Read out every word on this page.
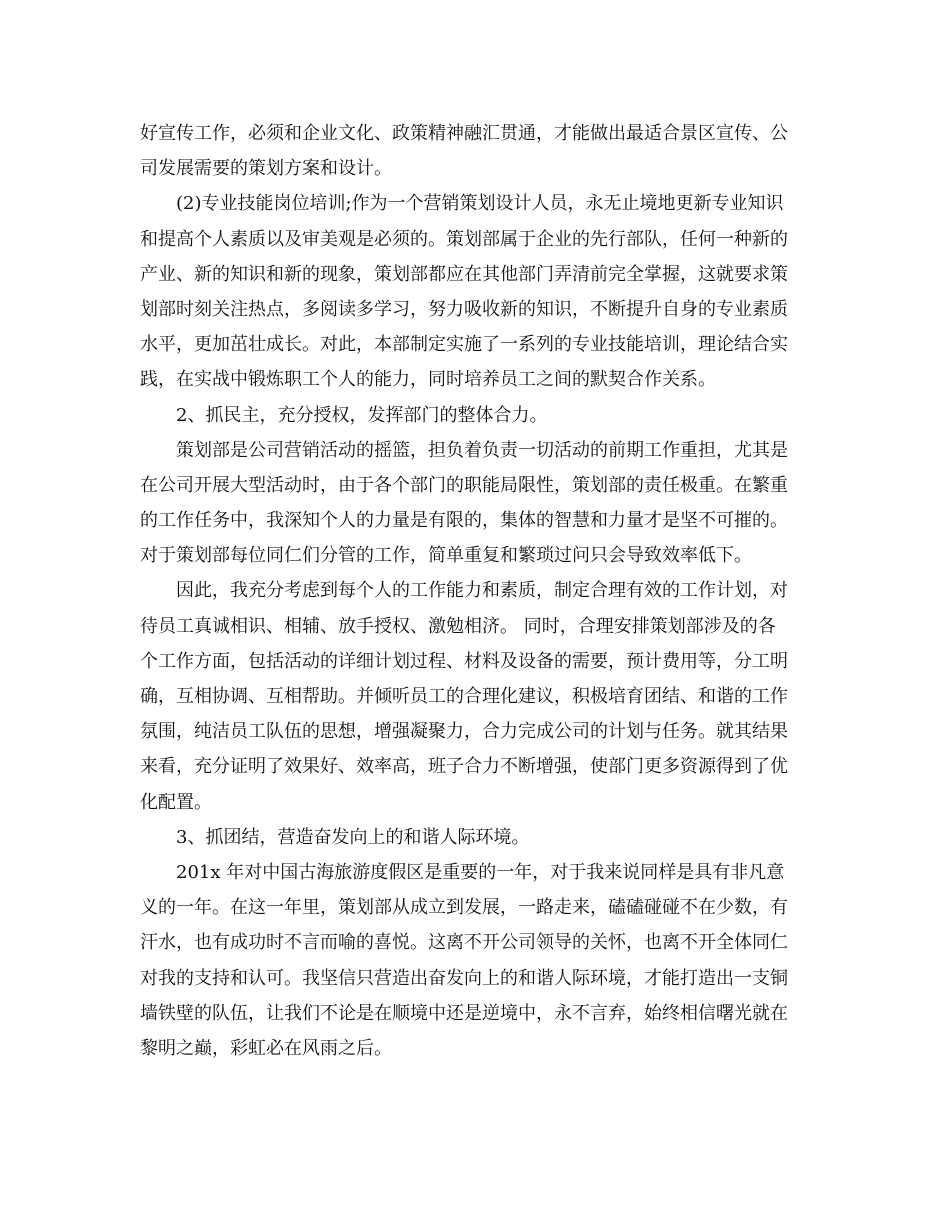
好宣传工作，必须和企业文化、政策精神融汇贯通，才能做出最适合景区宣传、公
司发展需要的策划方案和设计。
(2)专业技能岗位培训;作为一个营销策划设计人员，永无止境地更新专业知识
和提高个人素质以及审美观是必须的。策划部属于企业的先行部队，任何一种新的
产业、新的知识和新的现象，策划部都应在其他部门弄清前完全掌握，这就要求策
划部时刻关注热点，多阅读多学习，努力吸收新的知识，不断提升自身的专业素质
水平，更加茁壮成长。对此，本部制定实施了一系列的专业技能培训，理论结合实
践，在实战中锻炼职工个人的能力，同时培养员工之间的默契合作关系。
2、抓民主，充分授权，发挥部门的整体合力。
策划部是公司营销活动的摇篮，担负着负责一切活动的前期工作重担，尤其是
在公司开展大型活动时，由于各个部门的职能局限性，策划部的责任极重。在繁重
的工作任务中，我深知个人的力量是有限的，集体的智慧和力量才是坚不可摧的。
对于策划部每位同仁们分管的工作，简单重复和繁琐过问只会导致效率低下。
因此，我充分考虑到每个人的工作能力和素质，制定合理有效的工作计划，对
待员工真诚相识、相辅、放手授权、激勉相济。 同时，合理安排策划部涉及的各
个工作方面，包括活动的详细计划过程、材料及设备的需要，预计费用等，分工明
确，互相协调、互相帮助。并倾听员工的合理化建议，积极培育团结、和谐的工作
氛围，纯洁员工队伍的思想，增强凝聚力，合力完成公司的计划与任务。就其结果
来看，充分证明了效果好、效率高，班子合力不断增强，使部门更多资源得到了优
化配置。
3、抓团结，营造奋发向上的和谐人际环境。
201x 年对中国古海旅游度假区是重要的一年，对于我来说同样是具有非凡意
义的一年。在这一年里，策划部从成立到发展，一路走来，磕磕碰碰不在少数，有
汗水，也有成功时不言而喻的喜悦。这离不开公司领导的关怀，也离不开全体同仁
对我的支持和认可。我坚信只营造出奋发向上的和谐人际环境，才能打造出一支铜
墙铁壁的队伍，让我们不论是在顺境中还是逆境中，永不言弃，始终相信曙光就在
黎明之巅，彩虹必在风雨之后。
